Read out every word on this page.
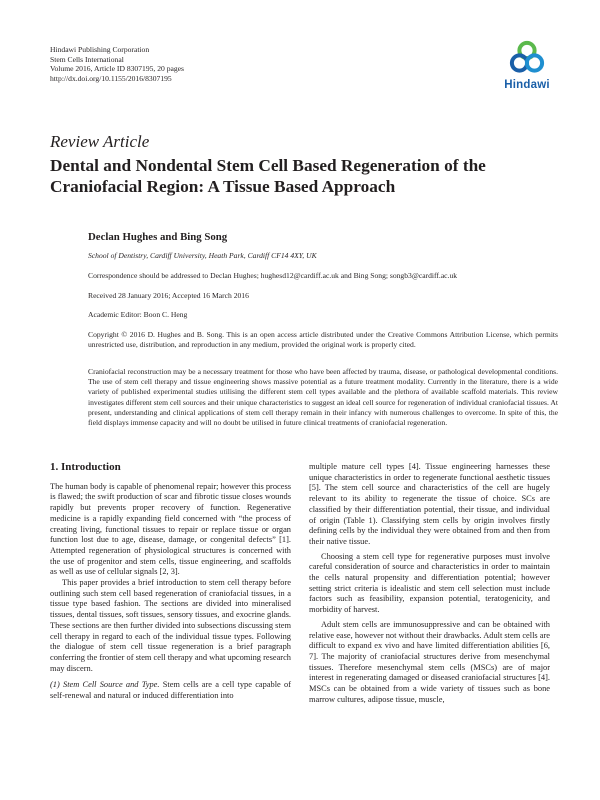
Hindawi Publishing Corporation
Stem Cells International
Volume 2016, Article ID 8307195, 20 pages
http://dx.doi.org/10.1155/2016/8307195
Hindawi
Review Article
Dental and Nondental Stem Cell Based Regeneration of the Craniofacial Region: A Tissue Based Approach
Declan Hughes and Bing Song
School of Dentistry, Cardiff University, Heath Park, Cardiff CF14 4XY, UK
Correspondence should be addressed to Declan Hughes; hughesd12@cardiff.ac.uk and Bing Song; songb3@cardiff.ac.uk
Received 28 January 2016; Accepted 16 March 2016
Academic Editor: Boon C. Heng
Copyright © 2016 D. Hughes and B. Song. This is an open access article distributed under the Creative Commons Attribution License, which permits unrestricted use, distribution, and reproduction in any medium, provided the original work is properly cited.
Craniofacial reconstruction may be a necessary treatment for those who have been affected by trauma, disease, or pathological developmental conditions. The use of stem cell therapy and tissue engineering shows massive potential as a future treatment modality. Currently in the literature, there is a wide variety of published experimental studies utilising the different stem cell types available and the plethora of available scaffold materials. This review investigates different stem cell sources and their unique characteristics to suggest an ideal cell source for regeneration of individual craniofacial tissues. At present, understanding and clinical applications of stem cell therapy remain in their infancy with numerous challenges to overcome. In spite of this, the field displays immense capacity and will no doubt be utilised in future clinical treatments of craniofacial regeneration.
1. Introduction

The human body is capable of phenomenal repair; however this process is flawed; the swift production of scar and fibrotic tissue closes wounds rapidly but prevents proper recovery of function. Regenerative medicine is a rapidly expanding field concerned with “the process of creating living, functional tissues to repair or replace tissue or organ function lost due to age, disease, damage, or congenital defects” [1]. Attempted regeneration of physiological structures is concerned with the use of progenitor and stem cells, tissue engineering, and scaffolds as well as use of cellular signals [2, 3].

This paper provides a brief introduction to stem cell therapy before outlining such stem cell based regeneration of craniofacial tissues, in a tissue type based fashion. The sections are divided into mineralised tissues, dental tissues, soft tissues, sensory tissues, and exocrine glands. These sections are then further divided into subsections discussing stem cell therapy in regard to each of the individual tissue types. Following the dialogue of stem cell tissue regeneration is a brief paragraph conferring the frontier of stem cell therapy and what upcoming research may discern.

(1) Stem Cell Source and Type. Stem cells are a cell type capable of self-renewal and natural or induced differentiation into

multiple mature cell types [4]. Tissue engineering harnesses these unique characteristics in order to regenerate functional aesthetic tissues [5]. The stem cell source and characteristics of the cell are hugely relevant to its ability to regenerate the tissue of choice. SCs are classified by their differentiation potential, their tissue, and individual of origin (Table 1). Classifying stem cells by origin involves firstly defining cells by the individual they were obtained from and then from their native tissue.

Choosing a stem cell type for regenerative purposes must involve careful consideration of source and characteristics in order to maintain the cells natural propensity and differentiation potential; however setting strict criteria is idealistic and stem cell selection must include factors such as feasibility, expansion potential, teratogenicity, and morbidity of harvest.

Adult stem cells are immunosuppressive and can be obtained with relative ease, however not without their drawbacks. Adult stem cells are difficult to expand ex vivo and have limited differentiation abilities [6, 7]. The majority of craniofacial structures derive from mesenchymal tissues. Therefore mesenchymal stem cells (MSCs) are of major interest in regenerating damaged or diseased craniofacial structures [4]. MSCs can be obtained from a wide variety of tissues such as bone marrow cultures, adipose tissue, muscle,
